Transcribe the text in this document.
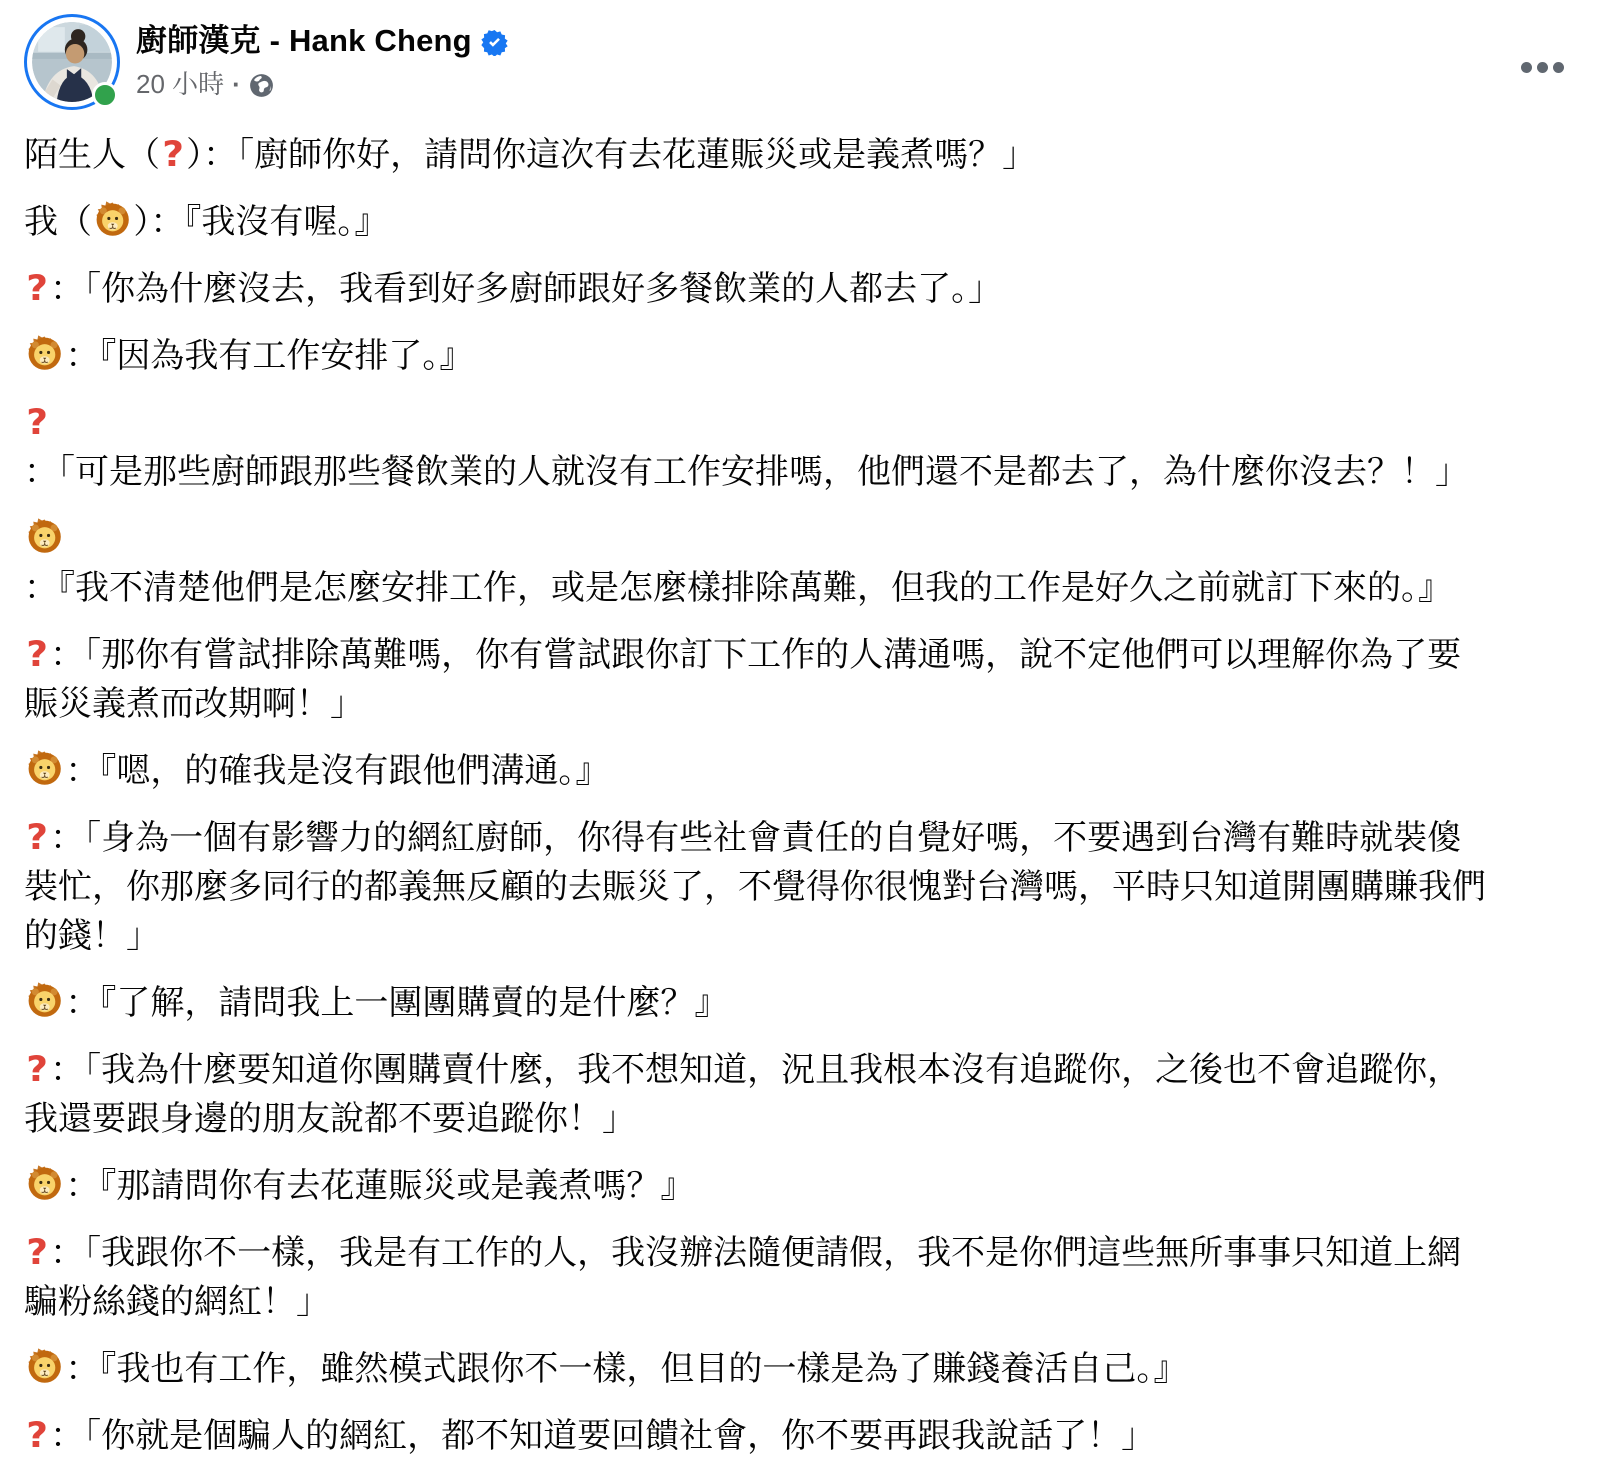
廚師漢克 - Hank Cheng
20 小時 ·
陌生人（?）：「廚師你好，請問你這次有去花蓮賑災或是義煮嗎？」
我（ ）：『我沒有喔。』
?：「你為什麼沒去，我看到好多廚師跟好多餐飲業的人都去了。」
：『因為我有工作安排了。』
?
：「可是那些廚師跟那些餐飲業的人就沒有工作安排嗎，他們還不是都去了，為什麼你沒去？！」
：『我不清楚他們是怎麼安排工作，或是怎麼樣排除萬難，但我的工作是好久之前就訂下來的。』
?：「那你有嘗試排除萬難嗎，你有嘗試跟你訂下工作的人溝通嗎，說不定他們可以理解你為了要
賑災義煮而改期啊！」
：『嗯，的確我是沒有跟他們溝通。』
?：「身為一個有影響力的網紅廚師，你得有些社會責任的自覺好嗎，不要遇到台灣有難時就裝傻
裝忙，你那麼多同行的都義無反顧的去賑災了，不覺得你很愧對台灣嗎，平時只知道開團購賺我們
的錢！」
：『了解，請問我上一團團購賣的是什麼？』
?：「我為什麼要知道你團購賣什麼，我不想知道，況且我根本沒有追蹤你，之後也不會追蹤你，
我還要跟身邊的朋友說都不要追蹤你！」
：『那請問你有去花蓮賑災或是義煮嗎？』
?：「我跟你不一樣，我是有工作的人，我沒辦法隨便請假，我不是你們這些無所事事只知道上網
騙粉絲錢的網紅！」
：『我也有工作，雖然模式跟你不一樣，但目的一樣是為了賺錢養活自己。』
?：「你就是個騙人的網紅，都不知道要回饋社會，你不要再跟我說話了！」
